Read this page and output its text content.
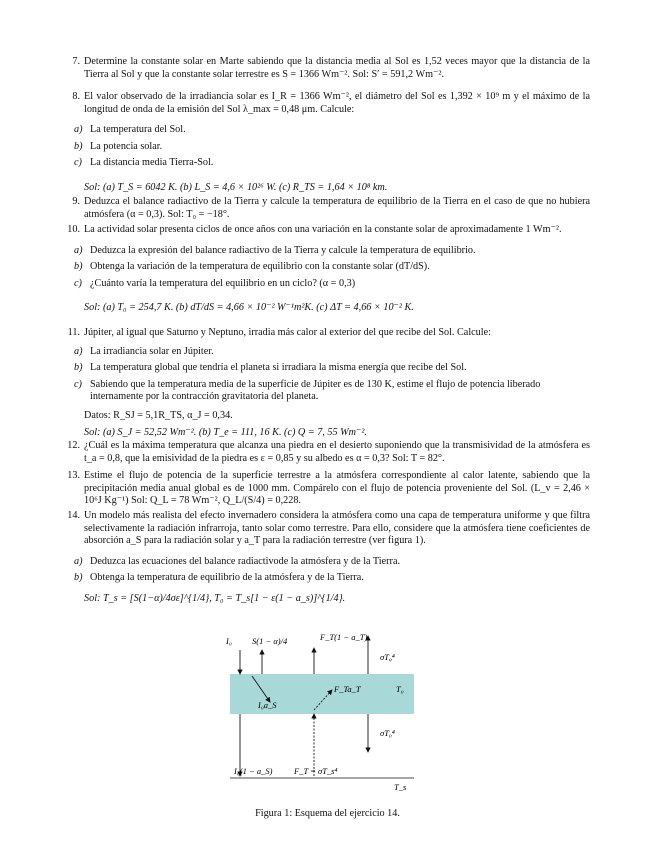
7. Determine la constante solar en Marte sabiendo que la distancia media al Sol es 1,52 veces mayor que la distancia de la Tierra al Sol y que la constante solar terrestre es S = 1366 Wm⁻². Sol: S′ = 591,2 Wm⁻².
8. El valor observado de la irradiancia solar es I_R = 1366 Wm⁻², el diámetro del Sol es 1,392 × 10⁹ m y el máximo de la longitud de onda de la emisión del Sol λ_max = 0,48 μm. Calcule:
a) La temperatura del Sol.
b) La potencia solar.
c) La distancia media Tierra-Sol.
Sol: (a) T_S = 6042 K. (b) L_S = 4,6 × 10²⁶ W. (c) R_TS = 1,64 × 10⁸ km.
9. Deduzca el balance radiactivo de la Tierra y calcule la temperatura de equilibrio de la Tierra en el caso de que no hubiera atmósfera (α = 0,3). Sol: T₀ = −18°.
10. La actividad solar presenta ciclos de once años con una variación en la constante solar de aproximadamente 1 Wm⁻².
a) Deduzca la expresión del balance radiactivo de la Tierra y calcule la temperatura de equilibrio.
b) Obtenga la variación de la temperatura de equilibrio con la constante solar (dT/dS).
c) ¿Cuánto varía la temperatura del equilibrio en un ciclo? (α = 0,3)
Sol: (a) T₀ = 254,7 K. (b) dT/dS = 4,66 × 10⁻² W⁻¹m²K. (c) ΔT = 4,66 × 10⁻² K.
11. Júpiter, al igual que Saturno y Neptuno, irradia más calor al exterior del que recibe del Sol. Calcule:
a) La irradiancia solar en Júpiter.
b) La temperatura global que tendría el planeta si irradiara la misma energía que recibe del Sol.
c) Sabiendo que la temperatura media de la superficie de Júpiter es de 130 K, estime el flujo de potencia liberado internamente por la contracción gravitatoria del planeta.
Datos: R_SJ = 5,1R_TS, α_J = 0,34.
Sol: (a) S_J = 52,52 Wm⁻². (b) T_e = 111, 16 K. (c) Q = 7, 55 Wm⁻².
12. ¿Cuál es la máxima temperatura que alcanza una piedra en el desierto suponiendo que la transmisividad de la atmósfera es t_a = 0,8, que la emisividad de la piedra es ε = 0,85 y su albedo es α = 0,3? Sol: T = 82°.
13. Estime el flujo de potencia de la superficie terrestre a la atmósfera correspondiente al calor latente, sabiendo que la precipitación media anual global es de 1000 mm. Compárelo con el flujo de potencia proveniente del Sol. (L_v = 2,46 × 10⁶J Kg⁻¹) Sol: Q_L = 78 Wm⁻², Q_L/(S/4) = 0,228.
14. Un modelo más realista del efecto invernadero considera la atmósfera como una capa de temperatura uniforme y que filtra selectivamente la radiación infrarroja, tanto solar como terrestre. Para ello, considere que la atmósfera tiene coeficientes de absorción a_S para la radiación solar y a_T para la radiación terrestre (ver figura 1).
a) Deduzca las ecuaciones del balance radiactivode la atmósfera y de la Tierra.
b) Obtenga la temperatura de equilibrio de la atmósfera y de la Tierra.
Sol: T_s = [S(1−α)/4σε]^{1/4}, T₀ = T_s[1 − ε(1 − a_s)]^{1/4}.
I₀ S(1 − α)/4	F_T(1 − a_T)
σT₀⁴
T₀
I₀a_S
F_Ta_T
σT₀⁴
I₀(1 − a_S)	F_T = σT_s⁴
T_s
Figura 1: Esquema del ejercicio 14.
